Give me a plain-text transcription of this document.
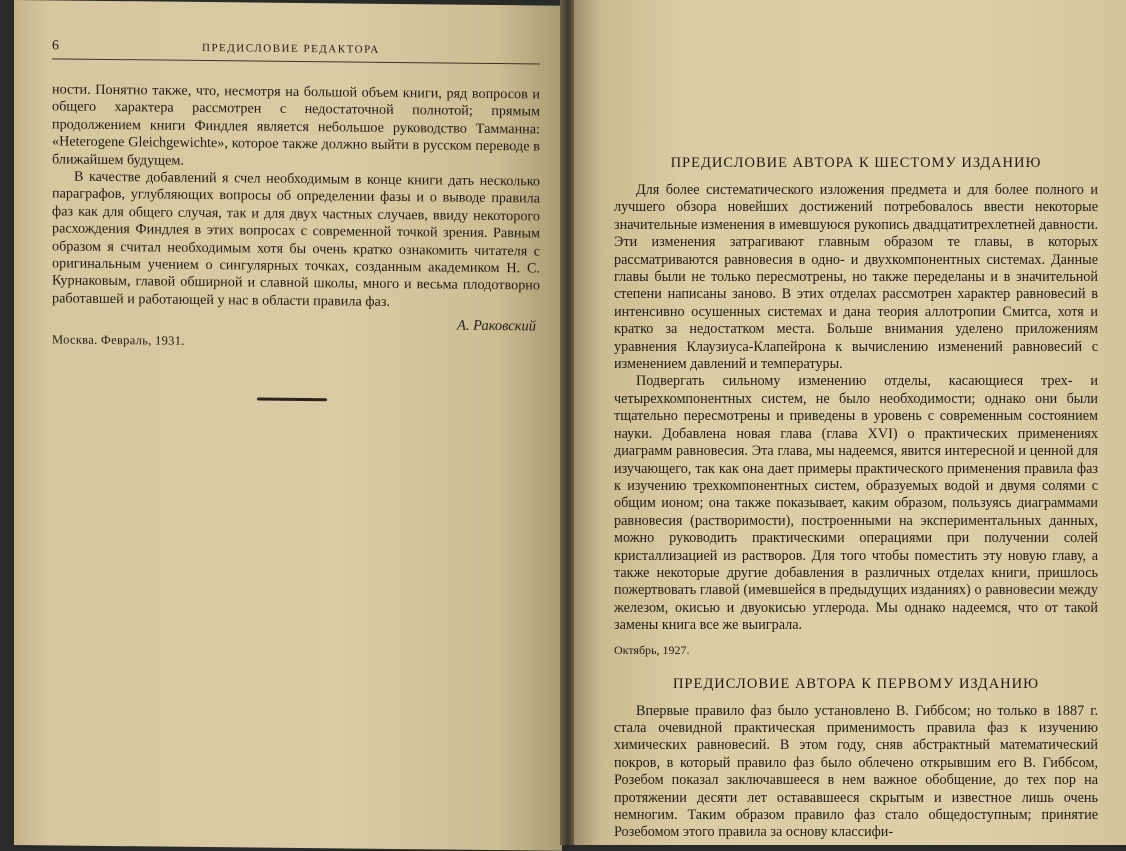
6	ПРЕДИСЛОВИЕ РЕДАКТОРА

ности. Понятно также, что, несмотря на большой объем книги, ряд вопросов и общего характера рассмотрен с недостаточной полнотой; прямым продолжением книги Финдлея является небольшое руководство Тамманна: «Heterogene Gleichgewichte», которое также должно выйти в русском переводе в ближайшем будущем.

В качестве добавлений я счел необходимым в конце книги дать несколько параграфов, углубляющих вопросы об определении фазы и о выводе правила фаз как для общего случая, так и для двух частных случаев, ввиду некоторого расхождения Финдлея в этих вопросах с современной точкой зрения. Равным образом я считал необходимым хотя бы очень кратко ознакомить читателя с оригинальным учением о сингулярных точках, созданным академиком Н. С. Курнаковым, главой обширной и славной школы, много и весьма плодотворно работавшей и работающей у нас в области правила фаз.

А. Раковский
Москва. Февраль, 1931.
ПРЕДИСЛОВИЕ АВТОРА К ШЕСТОМУ ИЗДАНИЮ

Для более систематического изложения предмета и для более полного и лучшего обзора новейших достижений потребовалось ввести некоторые значительные изменения в имевшуюся рукопись двадцатитрехлетней давности. Эти изменения затрагивают главным образом те главы, в которых рассматриваются равновесия в одно- и двухкомпонентных системах. Данные главы были не только пересмотрены, но также переделаны и в значительной степени написаны заново. В этих отделах рассмотрен характер равновесий в интенсивно осушенных системах и дана теория аллотропии Смитса, хотя и кратко за недостатком места. Больше внимания уделено приложениям уравнения Клаузиуса-Клапейрона к вычислению изменений равновесий с изменением давлений и температуры.

Подвергать сильному изменению отделы, касающиеся трех- и четырехкомпонентных систем, не было необходимости; однако они были тщательно пересмотрены и приведены в уровень с современным состоянием науки. Добавлена новая глава (глава XVI) о практических применениях диаграмм равновесия. Эта глава, мы надеемся, явится интересной и ценной для изучающего, так как она дает примеры практического применения правила фаз к изучению трехкомпонентных систем, образуемых водой и двумя солями с общим ионом; она также показывает, каким образом, пользуясь диаграммами равновесия (растворимости), построенными на экспериментальных данных, можно руководить практическими операциями при получении солей кристаллизацией из растворов. Для того чтобы поместить эту новую главу, а также некоторые другие добавления в различных отделах книги, пришлось пожертвовать главой (имевшейся в предыдущих изданиях) о равновесии между железом, окисью и двуокисью углерода. Мы однако надеемся, что от такой замены книга все же выиграла.

Октябрь, 1927.
ПРЕДИСЛОВИЕ АВТОРА К ПЕРВОМУ ИЗДАНИЮ

Впервые правило фаз было установлено В. Гиббсом; но только в 1887 г. стала очевидной практическая применимость правила фаз к изучению химических равновесий. В этом году, сняв абстрактный математический покров, в который правило фаз было облечено открывшим его В. Гиббсом, Розебом показал заключавшееся в нем важное обобщение, до тех пор на протяжении десяти лет остававшееся скрытым и известное лишь очень немногим. Таким образом правило фаз стало общедоступным; принятие Розебомом этого правила за основу классифи-
